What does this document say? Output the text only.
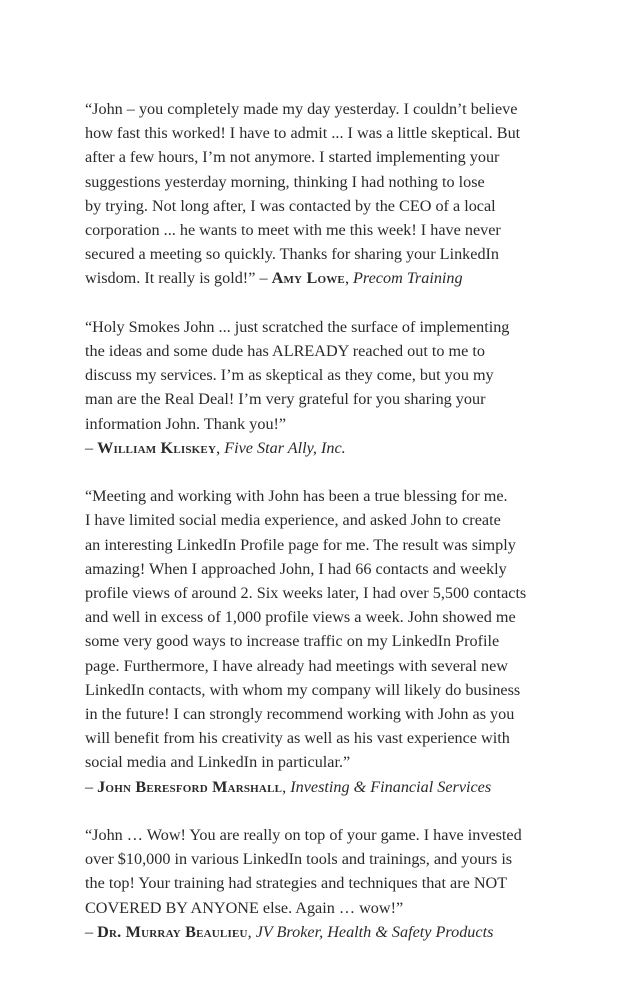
“John – you completely made my day yesterday. I couldn’t believe
how fast this worked! I have to admit ... I was a little skeptical. But
after a few hours, I’m not anymore. I started implementing your
suggestions yesterday morning, thinking I had nothing to lose
by trying. Not long after, I was contacted by the CEO of a local
corporation ... he wants to meet with me this week! I have never
secured a meeting so quickly. Thanks for sharing your LinkedIn
wisdom. It really is gold!” – Amy Lowe, Precom Training
“Holy Smokes John ... just scratched the surface of implementing
the ideas and some dude has ALREADY reached out to me to
discuss my services. I’m as skeptical as they come, but you my
man are the Real Deal! I’m very grateful for you sharing your
information John. Thank you!”
– William Kliskey, Five Star Ally, Inc.
“Meeting and working with John has been a true blessing for me.
I have limited social media experience, and asked John to create
an interesting LinkedIn Profile page for me. The result was simply
amazing! When I approached John, I had 66 contacts and weekly
profile views of around 2. Six weeks later, I had over 5,500 contacts
and well in excess of 1,000 profile views a week. John showed me
some very good ways to increase traffic on my LinkedIn Profile
page. Furthermore, I have already had meetings with several new
LinkedIn contacts, with whom my company will likely do business
in the future! I can strongly recommend working with John as you
will benefit from his creativity as well as his vast experience with
social media and LinkedIn in particular.”
– John Beresford Marshall, Investing & Financial Services
“John … Wow! You are really on top of your game. I have invested
over $10,000 in various LinkedIn tools and trainings, and yours is
the top! Your training had strategies and techniques that are NOT
COVERED BY ANYONE else. Again … wow!”
– Dr. Murray Beaulieu, JV Broker, Health & Safety Products
